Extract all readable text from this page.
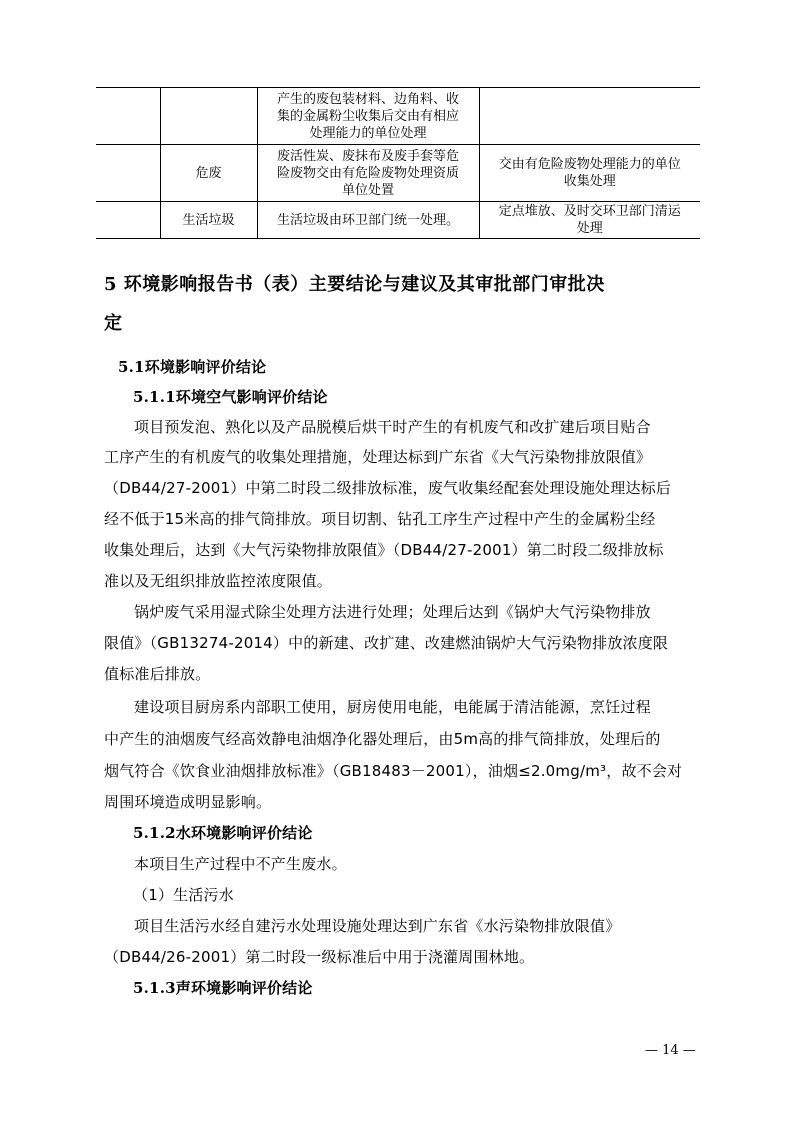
		产生的废包装材料、边角料、收
集的金属粉尘收集后交由有相应
处理能力的单位处理	

	危废	废活性炭、废抹布及废手套等危
险废物交由有危险废物处理资质
单位处置	交由有危险废物处理能力的单位
收集处理

	生活垃圾	生活垃圾由环卫部门统一处理。	定点堆放、及时交环卫部门清运
处理
5 环境影响报告书（表）主要结论与建议及其审批部门审批决
定
5.1环境影响评价结论
5.1.1环境空气影响评价结论
项目预发泡、熟化以及产品脱模后烘干时产生的有机废气和改扩建后项目贴合
工序产生的有机废气的收集处理措施，处理达标到广东省《大气污染物排放限值》
（DB44/27-2001）中第二时段二级排放标准，废气收集经配套处理设施处理达标后
经不低于15米高的排气筒排放。项目切割、钻孔工序生产过程中产生的金属粉尘经
收集处理后，达到《大气污染物排放限值》（DB44/27-2001）第二时段二级排放标
准以及无组织排放监控浓度限值。
锅炉废气采用湿式除尘处理方法进行处理；处理后达到《锅炉大气污染物排放
限值》（GB13274-2014）中的新建、改扩建、改建燃油锅炉大气污染物排放浓度限
值标准后排放。
建设项目厨房系内部职工使用，厨房使用电能，电能属于清洁能源，烹饪过程
中产生的油烟废气经高效静电油烟净化器处理后，由5m高的排气筒排放，处理后的
烟气符合《饮食业油烟排放标准》（GB18483－2001），油烟≤2.0mg/m³，故不会对
周围环境造成明显影响。
5.1.2水环境影响评价结论
本项目生产过程中不产生废水。
（1）生活污水
项目生活污水经自建污水处理设施处理达到广东省《水污染物排放限值》
（DB44/26-2001）第二时段一级标准后中用于浇灌周围林地。
5.1.3声环境影响评价结论
— 14 —
